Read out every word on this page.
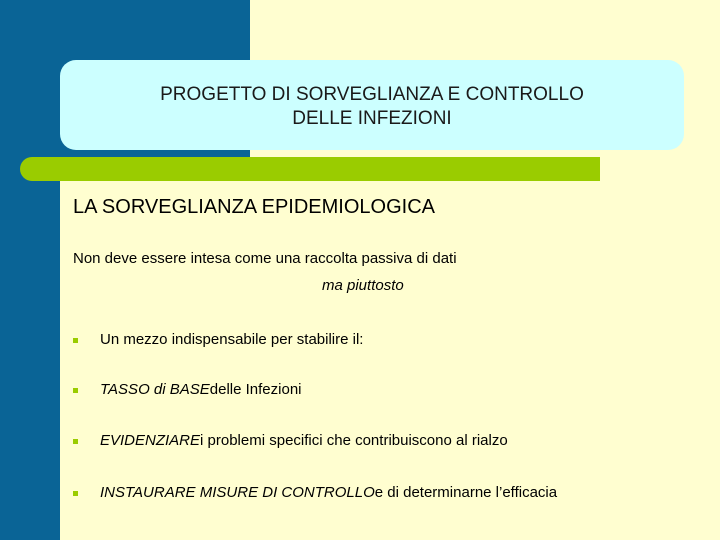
PROGETTO DI SORVEGLIANZA E CONTROLLO
DELLE INFEZIONI
LA SORVEGLIANZA EPIDEMIOLOGICA
Non deve essere intesa come una raccolta passiva di dati
ma piuttosto
Un mezzo indispensabile per stabilire il:
TASSO di BASE delle Infezioni
EVIDENZIARE i problemi specifici che contribuiscono al rialzo
INSTAURARE MISURE DI CONTROLLO e di determinarne l’efficacia
